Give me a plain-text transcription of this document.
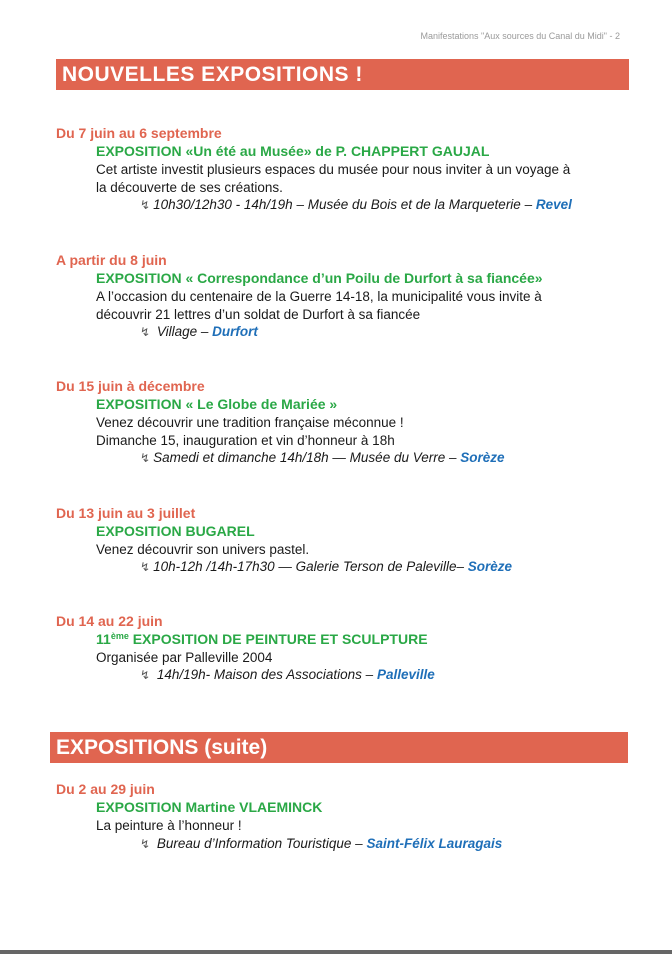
Manifestations "Aux sources du Canal du Midi" - 2
NOUVELLES EXPOSITIONS !
Du 7 juin au 6 septembre
EXPOSITION «Un été au Musée» de P. CHAPPERT GAUJAL
Cet artiste investit plusieurs espaces du musée pour nous inviter à un voyage à
la découverte de ses créations.
↯ 10h30/12h30 - 14h/19h – Musée du Bois et de la Marqueterie – Revel
A partir du 8 juin
EXPOSITION « Correspondance d’un Poilu de Durfort à sa fiancée»
A l’occasion du centenaire de la Guerre 14-18, la municipalité vous invite à
découvrir 21 lettres d’un soldat de Durfort à sa fiancée
↯ Village – Durfort
Du 15 juin à décembre
EXPOSITION « Le Globe de Mariée »
Venez découvrir une tradition française méconnue !
Dimanche 15, inauguration et vin d’honneur à 18h
↯ Samedi et dimanche 14h/18h — Musée du Verre – Sorèze
Du 13 juin au 3 juillet
EXPOSITION BUGAREL
Venez découvrir son univers pastel.
↯ 10h-12h /14h-17h30 — Galerie Terson de Paleville– Sorèze
Du 14 au 22 juin
11ème EXPOSITION DE PEINTURE ET SCULPTURE
Organisée par Palleville 2004
↯ 14h/19h- Maison des Associations – Palleville
EXPOSITIONS (suite)
Du 2 au 29 juin
EXPOSITION Martine VLAEMINCK
La peinture à l’honneur !
↯ Bureau d’Information Touristique – Saint-Félix Lauragais
